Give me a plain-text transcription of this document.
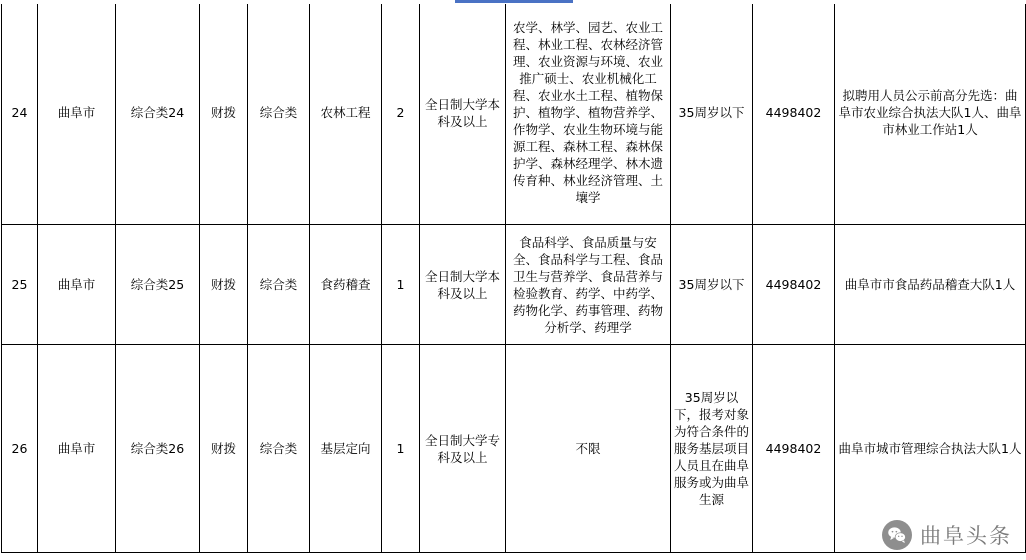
24	曲阜市	综合类24	财拨	综合类	农林工程	2	全日制大学本科及以上	农学、林学、园艺、农业工程、林业工程、农林经济管理、农业资源与环境、农业推广硕士、农业机械化工程、农业水土工程、植物保护、植物学、植物营养学、作物学、农业生物环境与能源工程、森林工程、森林保护学、森林经理学、林木遗传育种、林业经济管理、土壤学	35周岁以下	4498402	拟聘用人员公示前高分先选：曲阜市农业综合执法大队1人、曲阜市林业工作站1人
25	曲阜市	综合类25	财拨	综合类	食药稽查	1	全日制大学本科及以上	食品科学、食品质量与安全、食品科学与工程、食品卫生与营养学、食品营养与检验教育、药学、中药学、药物化学、药事管理、药物分析学、药理学	35周岁以下	4498402	曲阜市市食品药品稽查大队1人
26	曲阜市	综合类26	财拨	综合类	基层定向	1	全日制大学专科及以上	不限	35周岁以下，报考对象为符合条件的服务基层项目人员且在曲阜服务或为曲阜生源	4498402	曲阜市城市管理综合执法大队1人
曲阜头条
